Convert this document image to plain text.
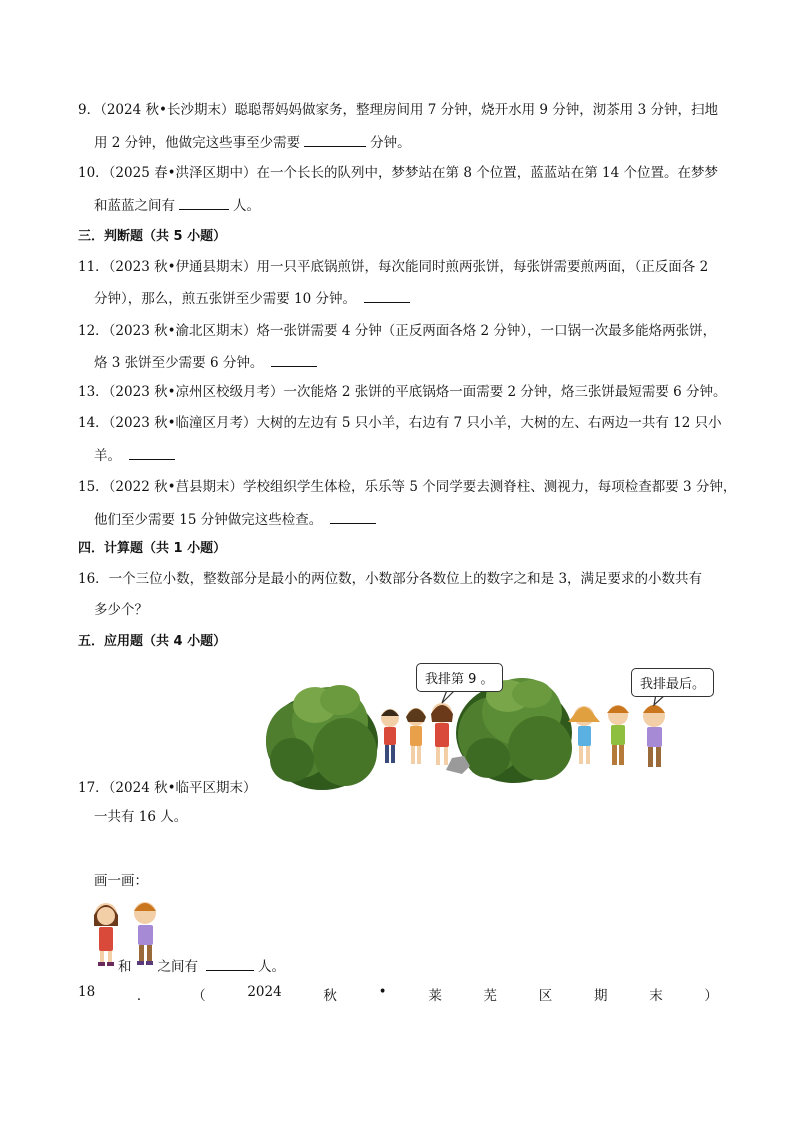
9．（2024 秋•长沙期末）聪聪帮妈妈做家务，整理房间用 7 分钟，烧开水用 9 分钟，沏茶用 3 分钟，扫地
用 2 分钟，他做完这些事至少需要	分钟。
10．（2025 春•洪泽区期中）在一个长长的队列中，梦梦站在第 8 个位置，蓝蓝站在第 14 个位置。在梦梦
和蓝蓝之间有	人。
三．判断题（共 5 小题）
11．（2023 秋•伊通县期末）用一只平底锅煎饼，每次能同时煎两张饼，每张饼需要煎两面，（正反面各 2
分钟），那么，煎五张饼至少需要 10 分钟。
12．（2023 秋•渝北区期末）烙一张饼需要 4 分钟（正反两面各烙 2 分钟），一口锅一次最多能烙两张饼，
烙 3 张饼至少需要 6 分钟。
13．（2023 秋•凉州区校级月考）一次能烙 2 张饼的平底锅烙一面需要 2 分钟，烙三张饼最短需要 6 分钟。
14．（2023 秋•临潼区月考）大树的左边有 5 只小羊，右边有 7 只小羊，大树的左、右两边一共有 12 只小
羊。
15．（2022 秋•莒县期末）学校组织学生体检，乐乐等 5 个同学要去测脊柱、测视力，每项检查都要 3 分钟，
他们至少需要 15 分钟做完这些检查。
四．计算题（共 1 小题）
16．一个三位小数，整数部分是最小的两位数，小数部分各数位上的数字之和是 3，满足要求的小数共有
多少个？
五．应用题（共 4 小题）
我排第 9 。	我排最后。
17．（2024 秋•临平区期末）
一共有 16 人。
画一画：
和 之间有	人。
18	．	（	2024	秋	•	莱	芜	区	期	末	）
